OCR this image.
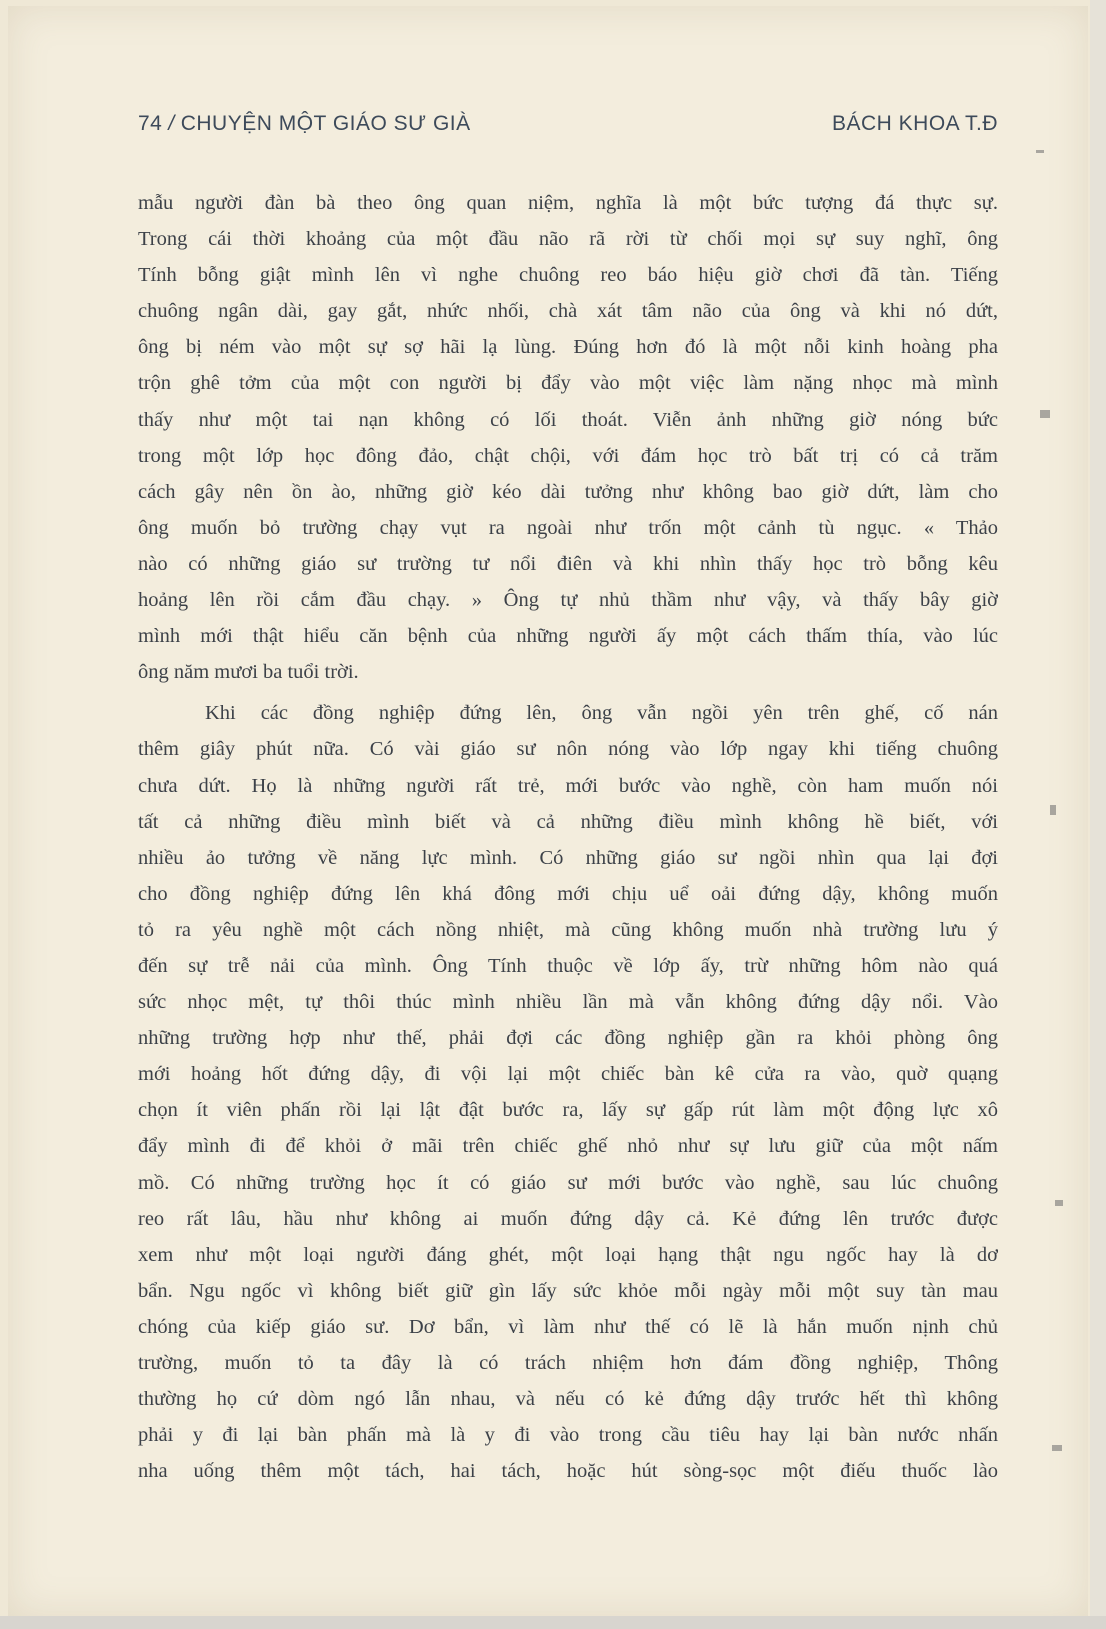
74 / CHUYỆN MỘT GIÁO SƯ GIÀ	BÁCH KHOA T.Đ
mẫu người đàn bà theo ông quan niệm, nghĩa là một bức tượng đá thực sự.
Trong cái thời khoảng của một đầu não rã rời từ chối mọi sự suy nghĩ, ông
Tính bỗng giật mình lên vì nghe chuông reo báo hiệu giờ chơi đã tàn. Tiếng
chuông ngân dài, gay gắt, nhức nhối, chà xát tâm não của ông và khi nó dứt,
ông bị ném vào một sự sợ hãi lạ lùng. Đúng hơn đó là một nỗi kinh hoàng pha
trộn ghê tởm của một con người bị đẩy vào một việc làm nặng nhọc mà mình
thấy như một tai nạn không có lối thoát. Viễn ảnh những giờ nóng bức
trong một lớp học đông đảo, chật chội, với đám học trò bất trị có cả trăm
cách gây nên ồn ào, những giờ kéo dài tưởng như không bao giờ dứt, làm cho
ông muốn bỏ trường chạy vụt ra ngoài như trốn một cảnh tù ngục. « Thảo
nào có những giáo sư trường tư nổi điên và khi nhìn thấy học trò bỗng kêu
hoảng lên rồi cắm đầu chạy. » Ông tự nhủ thầm như vậy, và thấy bây giờ
mình mới thật hiểu căn bệnh của những người ấy một cách thấm thía, vào lúc
ông năm mươi ba tuổi trời.
Khi các đồng nghiệp đứng lên, ông vẫn ngồi yên trên ghế, cố nán
thêm giây phút nữa. Có vài giáo sư nôn nóng vào lớp ngay khi tiếng chuông
chưa dứt. Họ là những người rất trẻ, mới bước vào nghề, còn ham muốn nói
tất cả những điều mình biết và cả những điều mình không hề biết, với
nhiều ảo tưởng về năng lực mình. Có những giáo sư ngồi nhìn qua lại đợi
cho đồng nghiệp đứng lên khá đông mới chịu uể oải đứng dậy, không muốn
tỏ ra yêu nghề một cách nồng nhiệt, mà cũng không muốn nhà trường lưu ý
đến sự trễ nải của mình. Ông Tính thuộc về lớp ấy, trừ những hôm nào quá
sức nhọc mệt, tự thôi thúc mình nhiều lần mà vẫn không đứng dậy nổi. Vào
những trường hợp như thế, phải đợi các đồng nghiệp gần ra khỏi phòng ông
mới hoảng hốt đứng dậy, đi vội lại một chiếc bàn kê cửa ra vào, quờ quạng
chọn ít viên phấn rồi lại lật đật bước ra, lấy sự gấp rút làm một động lực xô
đẩy mình đi để khỏi ở mãi trên chiếc ghế nhỏ như sự lưu giữ của một nấm
mồ. Có những trường học ít có giáo sư mới bước vào nghề, sau lúc chuông
reo rất lâu, hầu như không ai muốn đứng dậy cả. Kẻ đứng lên trước được
xem như một loại người đáng ghét, một loại hạng thật ngu ngốc hay là dơ
bẩn. Ngu ngốc vì không biết giữ gìn lấy sức khỏe mỗi ngày mỗi một suy tàn mau
chóng của kiếp giáo sư. Dơ bẩn, vì làm như thế có lẽ là hắn muốn nịnh chủ
trường, muốn tỏ ta đây là có trách nhiệm hơn đám đồng nghiệp, Thông
thường họ cứ dòm ngó lẫn nhau, và nếu có kẻ đứng dậy trước hết thì không
phải y đi lại bàn phấn mà là y đi vào trong cầu tiêu hay lại bàn nước nhấn
nha uống thêm một tách, hai tách, hoặc hút sòng-sọc một điếu thuốc lào
